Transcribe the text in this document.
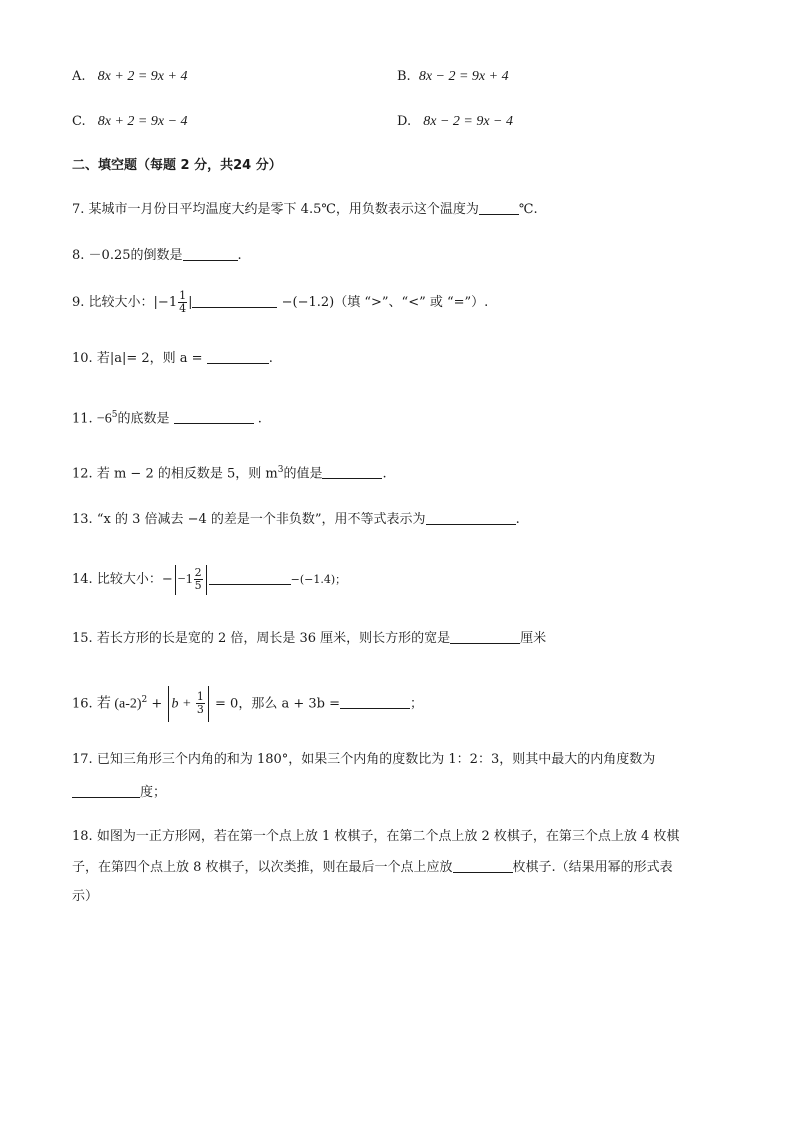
A. 8x + 2 = 9x + 4	B. 8x − 2 = 9x + 4
C. 8x + 2 = 9x − 4	D. 8x − 2 = 9x − 4
二、填空题（每题 2 分，共24 分）
7. 某城市一月份日平均温度大约是零下 4.5℃，用负数表示这个温度为	℃.
8. －0.25的倒数是	.
9. 比较大小：$|-1 \frac{1}{4}$ |	−(−1.2)（填 “>”、“<” 或 “=”）.
10. 若|a|= 2，则 a =	.
11. $-6^5$的底数是	.
12. 若 m − 2 的相反数是 5，则 $m^3$的值是	.
13. “x 的 3 倍减去 −4 的差是一个非负数”，用不等式表示为	.
14. 比较大小：− $-1 \frac{2}{5}$	−(−1.4)；
15. 若长方形的长是宽的 2 倍，周长是 36 厘米，则长方形的宽是	厘米
16. 若 $(a-2)^2 + b + \frac{1}{3} = 0$，那么 a + 3b =	；
17. 已知三角形三个内角的和为 180°，如果三个内角的度数比为 1：2：3，则其中最大的内角度数为
度；
18. 如图为一正方形网，若在第一个点上放 1 枚棋子，在第二个点上放 2 枚棋子，在第三个点上放 4 枚棋
子，在第四个点上放 8 枚棋子，以次类推，则在最后一个点上应放	枚棋子.（结果用幂的形式表
示）
